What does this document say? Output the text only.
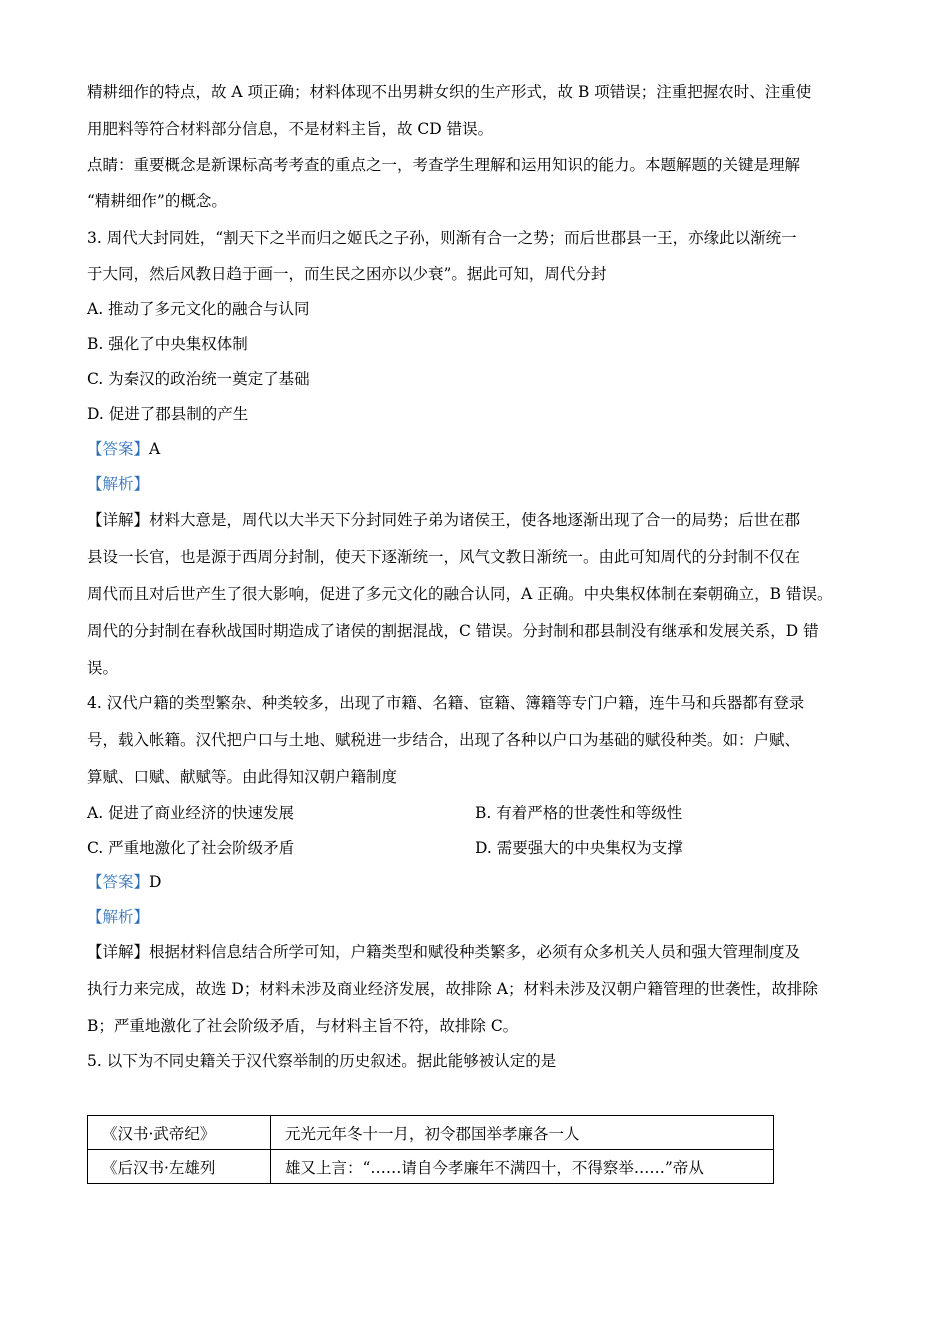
精耕细作的特点，故 A 项正确；材料体现不出男耕女织的生产形式，故 B 项错误；注重把握农时、注重使
用肥料等符合材料部分信息，不是材料主旨，故 CD 错误。
点睛：重要概念是新课标高考考查的重点之一，考查学生理解和运用知识的能力。本题解题的关键是理解
“精耕细作”的概念。
3. 周代大封同姓，“割天下之半而归之姬氏之子孙，则渐有合一之势；而后世郡县一王，亦缘此以渐统一
于大同，然后风教日趋于画一，而生民之困亦以少衰”。据此可知，周代分封
A. 推动了多元文化的融合与认同
B. 强化了中央集权体制
C. 为秦汉的政治统一奠定了基础
D. 促进了郡县制的产生
【答案】A
【解析】
【详解】材料大意是，周代以大半天下分封同姓子弟为诸侯王，使各地逐渐出现了合一的局势；后世在郡
县设一长官，也是源于西周分封制，使天下逐渐统一，风气文教日渐统一。由此可知周代的分封制不仅在
周代而且对后世产生了很大影响，促进了多元文化的融合认同，A 正确。中央集权体制在秦朝确立，B 错误。
周代的分封制在春秋战国时期造成了诸侯的割据混战，C 错误。分封制和郡县制没有继承和发展关系，D 错
误。
4. 汉代户籍的类型繁杂、种类较多，出现了市籍、名籍、宦籍、簿籍等专门户籍，连牛马和兵器都有登录
号，载入帐籍。汉代把户口与土地、赋税进一步结合，出现了各种以户口为基础的赋役种类。如：户赋、
算赋、口赋、献赋等。由此得知汉朝户籍制度
A. 促进了商业经济的快速发展	B. 有着严格的世袭性和等级性
C. 严重地激化了社会阶级矛盾	D. 需要强大的中央集权为支撑
【答案】D
【解析】
【详解】根据材料信息结合所学可知，户籍类型和赋役种类繁多，必须有众多机关人员和强大管理制度及
执行力来完成，故选 D；材料未涉及商业经济发展，故排除 A；材料未涉及汉朝户籍管理的世袭性，故排除
B；严重地激化了社会阶级矛盾，与材料主旨不符，故排除 C。
5. 以下为不同史籍关于汉代察举制的历史叙述。据此能够被认定的是
《汉书·武帝纪》	元光元年冬十一月，初令郡国举孝廉各一人
《后汉书·左雄列	雄又上言：“……请自今孝廉年不满四十，不得察举……”帝从
